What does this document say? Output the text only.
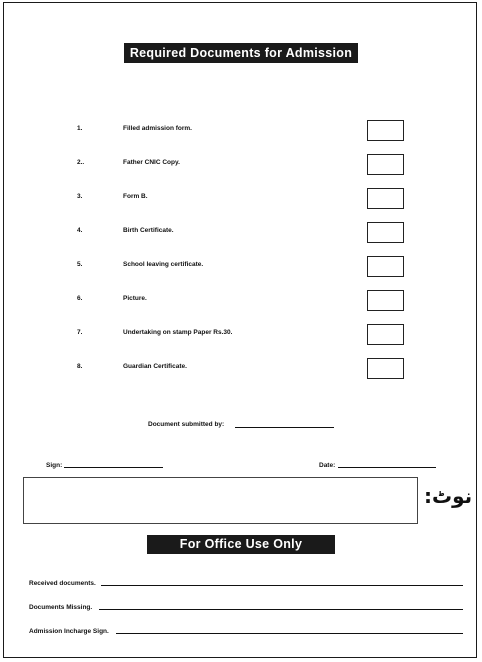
Required Documents for Admission
1.	Filled admission form.
2..	Father CNIC Copy.
3.	Form B.
4.	Birth Certificate.
5.	School leaving certificate.
6.	Picture.
7.	Undertaking on stamp Paper Rs.30.
8.	Guardian Certificate.
Document submitted by:
Sign:	Date:
نوٹ:
For Office Use Only
Received documents.
Documents Missing.
Admission Incharge Sign.
